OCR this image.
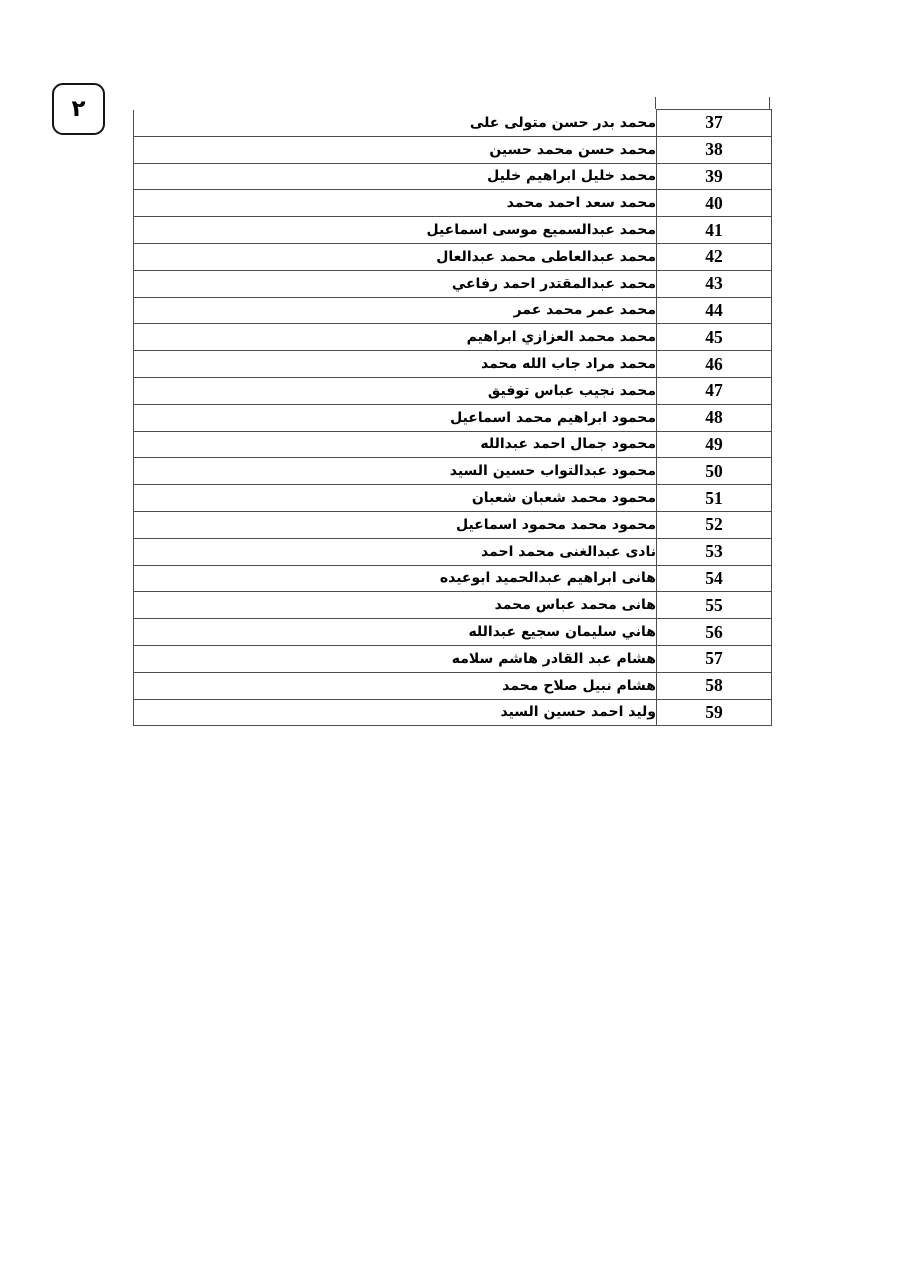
٢
37	محمد بدر حسن متولى على
38	محمد حسن محمد حسين
39	محمد خليل ابراهيم خليل
40	محمد سعد احمد محمد
41	محمد عبدالسميع موسى اسماعيل
42	محمد عبدالعاطى محمد عبدالعال
43	محمد عبدالمقتدر احمد رفاعي
44	محمد عمر محمد عمر
45	محمد محمد العزازي ابراهيم
46	محمد مراد جاب الله محمد
47	محمد نجيب عباس توفيق
48	محمود ابراهيم محمد اسماعيل
49	محمود جمال احمد عبدالله
50	محمود عبدالتواب حسين السيد
51	محمود محمد شعبان شعبان
52	محمود محمد محمود اسماعيل
53	نادى عبدالغنى محمد احمد
54	هانى ابراهيم عبدالحميد ابوعيده
55	هانى محمد عباس محمد
56	هاني سليمان سجيع عبدالله
57	هشام عبد القادر هاشم سلامه
58	هشام نبيل صلاح محمد
59	وليد احمد حسين السيد
